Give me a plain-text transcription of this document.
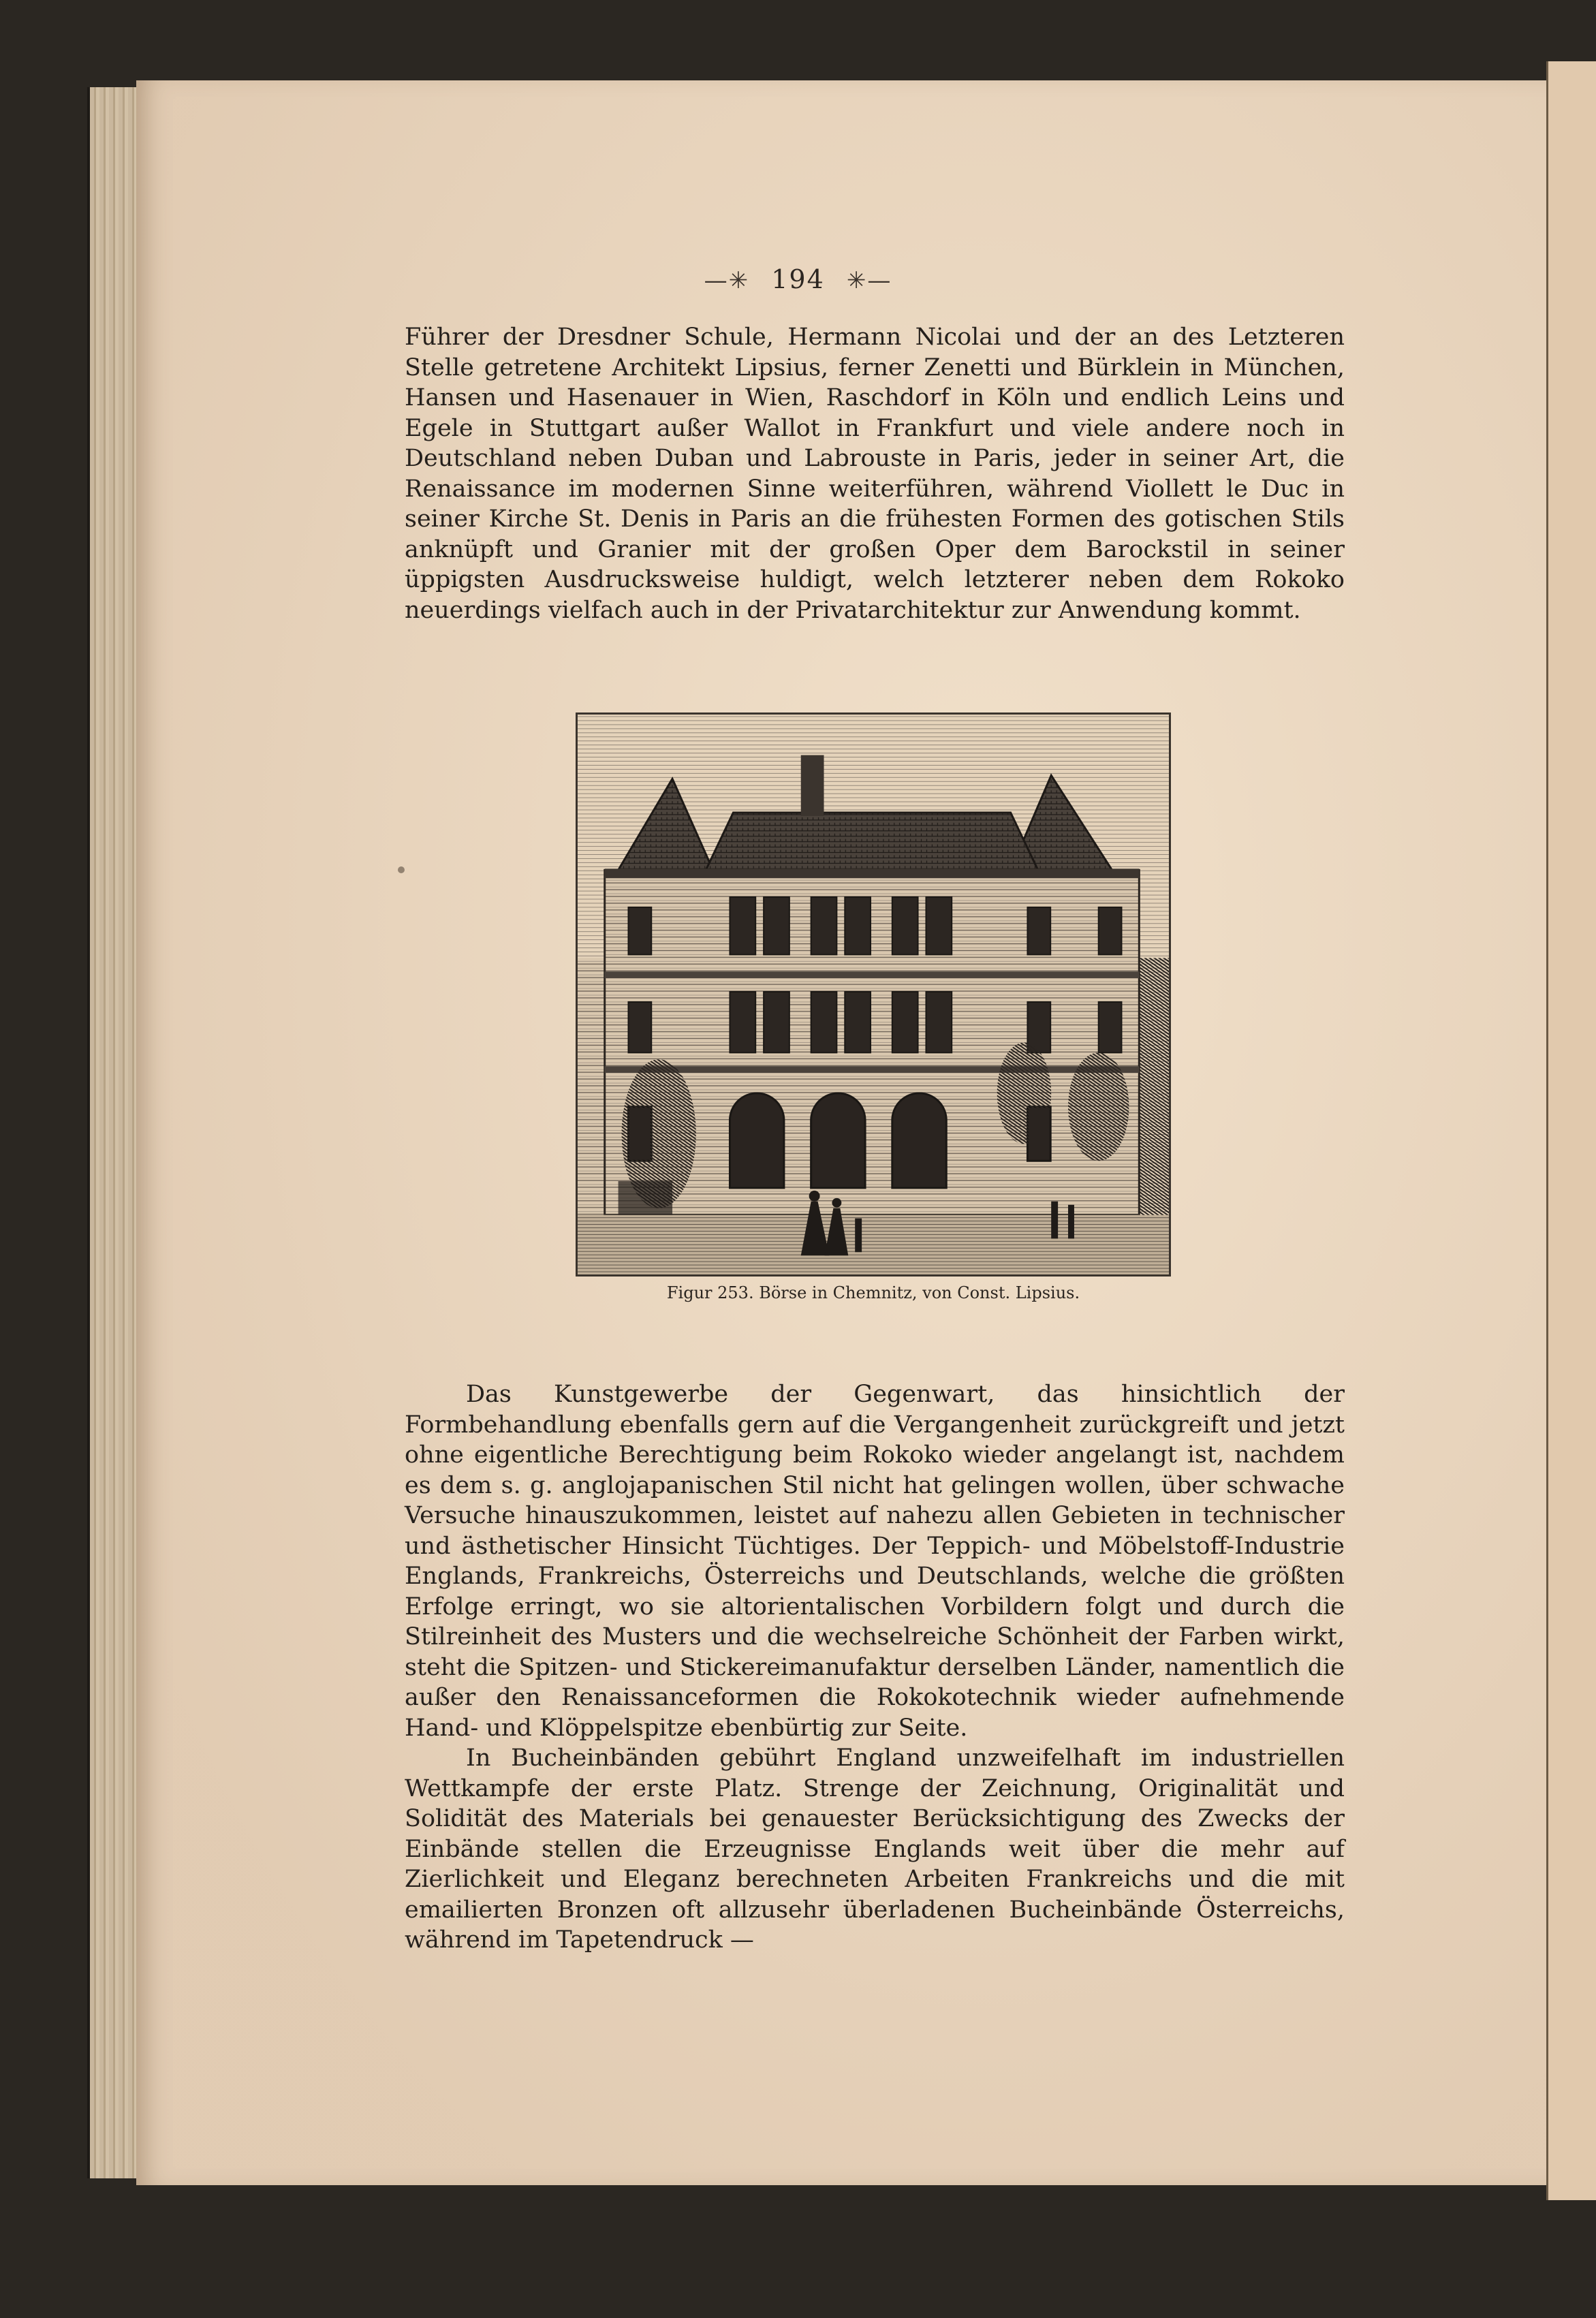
—✳ 194 ✳—

Führer der Dresdner Schule, Hermann Nicolai und der an des Letzteren Stelle getretene Architekt Lipsius, ferner Zenetti und Bürklein in München, Hansen und Hasenauer in Wien, Raschdorf in Köln und endlich Leins und Egele in Stuttgart außer Wallot in Frankfurt und viele andere noch in Deutschland neben Duban und Labrouste in Paris, jeder in seiner Art, die Renaissance im modernen Sinne weiterführen, während Viollett le Duc in seiner Kirche St. Denis in Paris an die frühesten Formen des gotischen Stils anknüpft und Granier mit der großen Oper dem Barockstil in seiner üppigsten Ausdrucksweise huldigt, welch letzterer neben dem Rokoko neuerdings vielfach auch in der Privatarchitektur zur Anwendung kommt.

Figur 253. Börse in Chemnitz, von Const. Lipsius.

Das Kunstgewerbe der Gegenwart, das hinsichtlich der Formbehandlung ebenfalls gern auf die Vergangenheit zurückgreift und jetzt ohne eigentliche Berechtigung beim Rokoko wieder angelangt ist, nachdem es dem s. g. anglojapanischen Stil nicht hat gelingen wollen, über schwache Versuche hinauszukommen, leistet auf nahezu allen Gebieten in technischer und ästhetischer Hinsicht Tüchtiges. Der Teppich- und Möbelstoff-Industrie Englands, Frankreichs, Österreichs und Deutschlands, welche die größten Erfolge erringt, wo sie altorientalischen Vorbildern folgt und durch die Stilreinheit des Musters und die wechselreiche Schönheit der Farben wirkt, steht die Spitzen- und Stickereimanufaktur derselben Länder, namentlich die außer den Renaissanceformen die Rokokotechnik wieder aufnehmende Hand- und Klöppelspitze ebenbürtig zur Seite.

In Bucheinbänden gebührt England unzweifelhaft im industriellen Wettkampfe der erste Platz. Strenge der Zeichnung, Originalität und Solidität des Materials bei genauester Berücksichtigung des Zwecks der Einbände stellen die Erzeugnisse Englands weit über die mehr auf Zierlichkeit und Eleganz berechneten Arbeiten Frankreichs und die mit emailierten Bronzen oft allzusehr überladenen Bucheinbände Österreichs, während im Tapetendruck —
